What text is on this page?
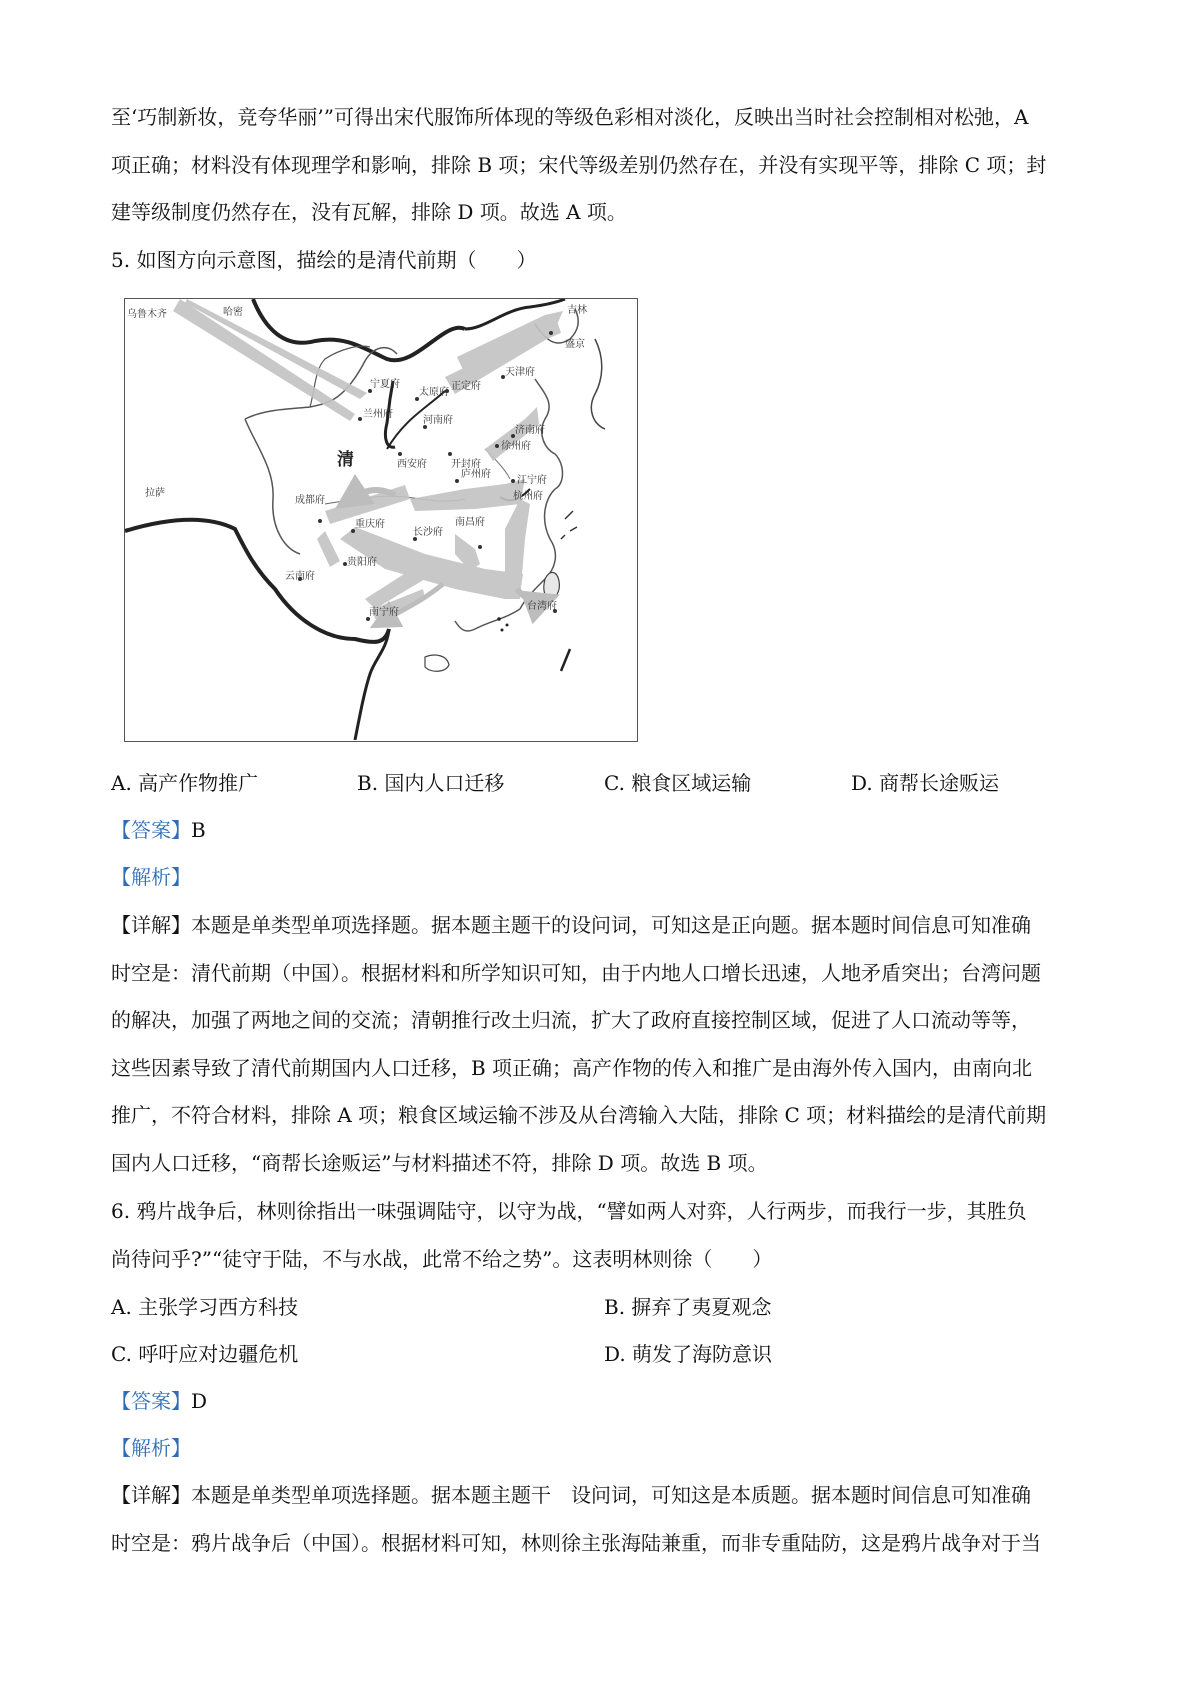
至‘巧制新妆，竞夸华丽’”可得出宋代服饰所体现的等级色彩相对淡化，反映出当时社会控制相对松弛，A
项正确；材料没有体现理学和影响，排除 B 项；宋代等级差别仍然存在，并没有实现平等，排除 C 项；封
建等级制度仍然存在，没有瓦解，排除 D 项。故选 A 项。
5. 如图方向示意图，描绘的是清代前期（　　）
乌鲁木齐	哈密	吉林
盛京
宁夏府
太原府
正定府
天津府
兰州府
河南府
济南府
徐州府
西安府 开封府
清
庐州府
江宁府
杭州府
拉萨
成都府
重庆府
长沙府
南昌府
贵阳府
云南府
南宁府
台湾府
A. 高产作物推广	B. 国内人口迁移	C. 粮食区域运输	D. 商帮长途贩运
【答案】B
【解析】
【详解】本题是单类型单项选择题。据本题主题干的设问词，可知这是正向题。据本题时间信息可知准确
时空是：清代前期（中国）。根据材料和所学知识可知，由于内地人口增长迅速，人地矛盾突出；台湾问题
的解决，加强了两地之间的交流；清朝推行改土归流，扩大了政府直接控制区域，促进了人口流动等等，
这些因素导致了清代前期国内人口迁移，B 项正确；高产作物的传入和推广是由海外传入国内，由南向北
推广，不符合材料，排除 A 项；粮食区域运输不涉及从台湾输入大陆，排除 C 项；材料描绘的是清代前期
国内人口迁移，“商帮长途贩运”与材料描述不符，排除 D 项。故选 B 项。
6. 鸦片战争后，林则徐指出一味强调陆守，以守为战，“譬如两人对弈，人行两步，而我行一步，其胜负
尚待问乎?”“徒守于陆，不与水战，此常不给之势”。这表明林则徐（　　）
A. 主张学习西方科技	B. 摒弃了夷夏观念
C. 呼吁应对边疆危机	D. 萌发了海防意识
【答案】D
【解析】
【详解】本题是单类型单项选择题。据本题主题干　设问词，可知这是本质题。据本题时间信息可知准确
时空是：鸦片战争后（中国）。根据材料可知，林则徐主张海陆兼重，而非专重陆防，这是鸦片战争对于当
